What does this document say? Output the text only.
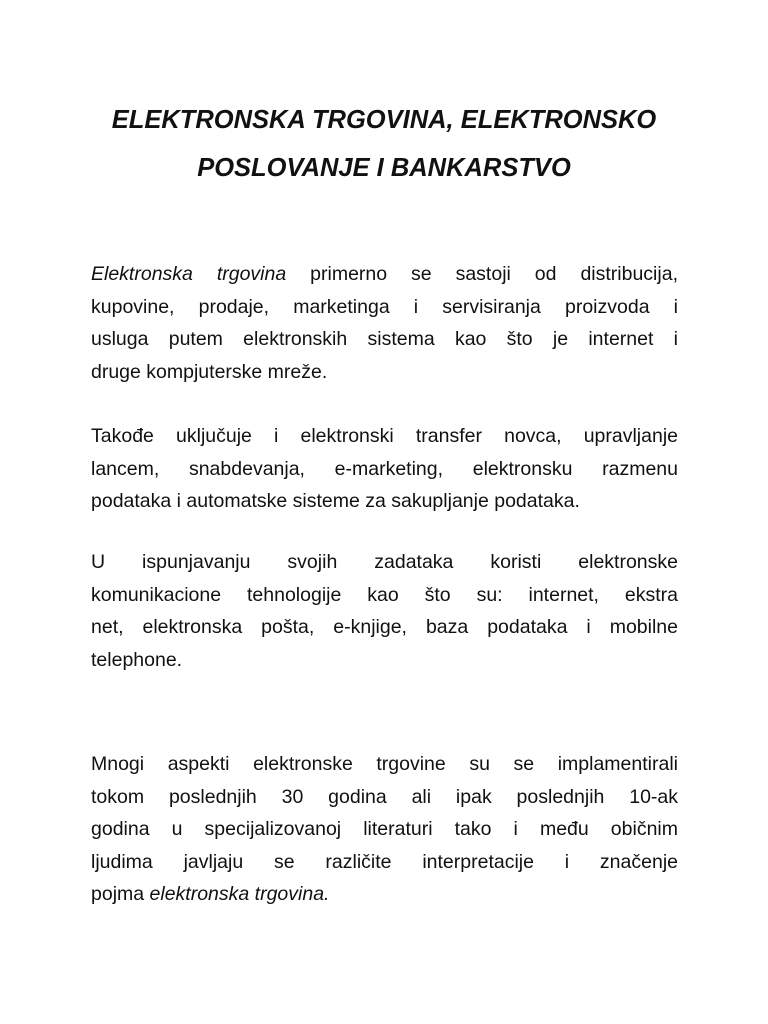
ELEKTRONSKA TRGOVINA, ELEKTRONSKO
POSLOVANJE I BANKARSTVO

Elektronska trgovina primerno se sastoji od distribucija,
kupovine, prodaje, marketinga i servisiranja proizvoda i
usluga putem elektronskih sistema kao što je internet i
druge kompjuterske mreže.

Takođe uključuje i elektronski transfer novca, upravljanje
lancem, snabdevanja, e-marketing, elektronsku razmenu
podataka i automatske sisteme za sakupljanje podataka.

U ispunjavanju svojih zadataka koristi elektronske
komunikacione tehnologije kao što su: internet, ekstra
net, elektronska pošta, e-knjige, baza podataka i mobilne
telephone.

Mnogi aspekti elektronske trgovine su se implamentirali
tokom poslednjih 30 godina ali ipak poslednjih 10-ak
godina u specijalizovanoj literaturi tako i među običnim
ljudima javljaju se različite interpretacije i značenje
pojma elektronska trgovina.
